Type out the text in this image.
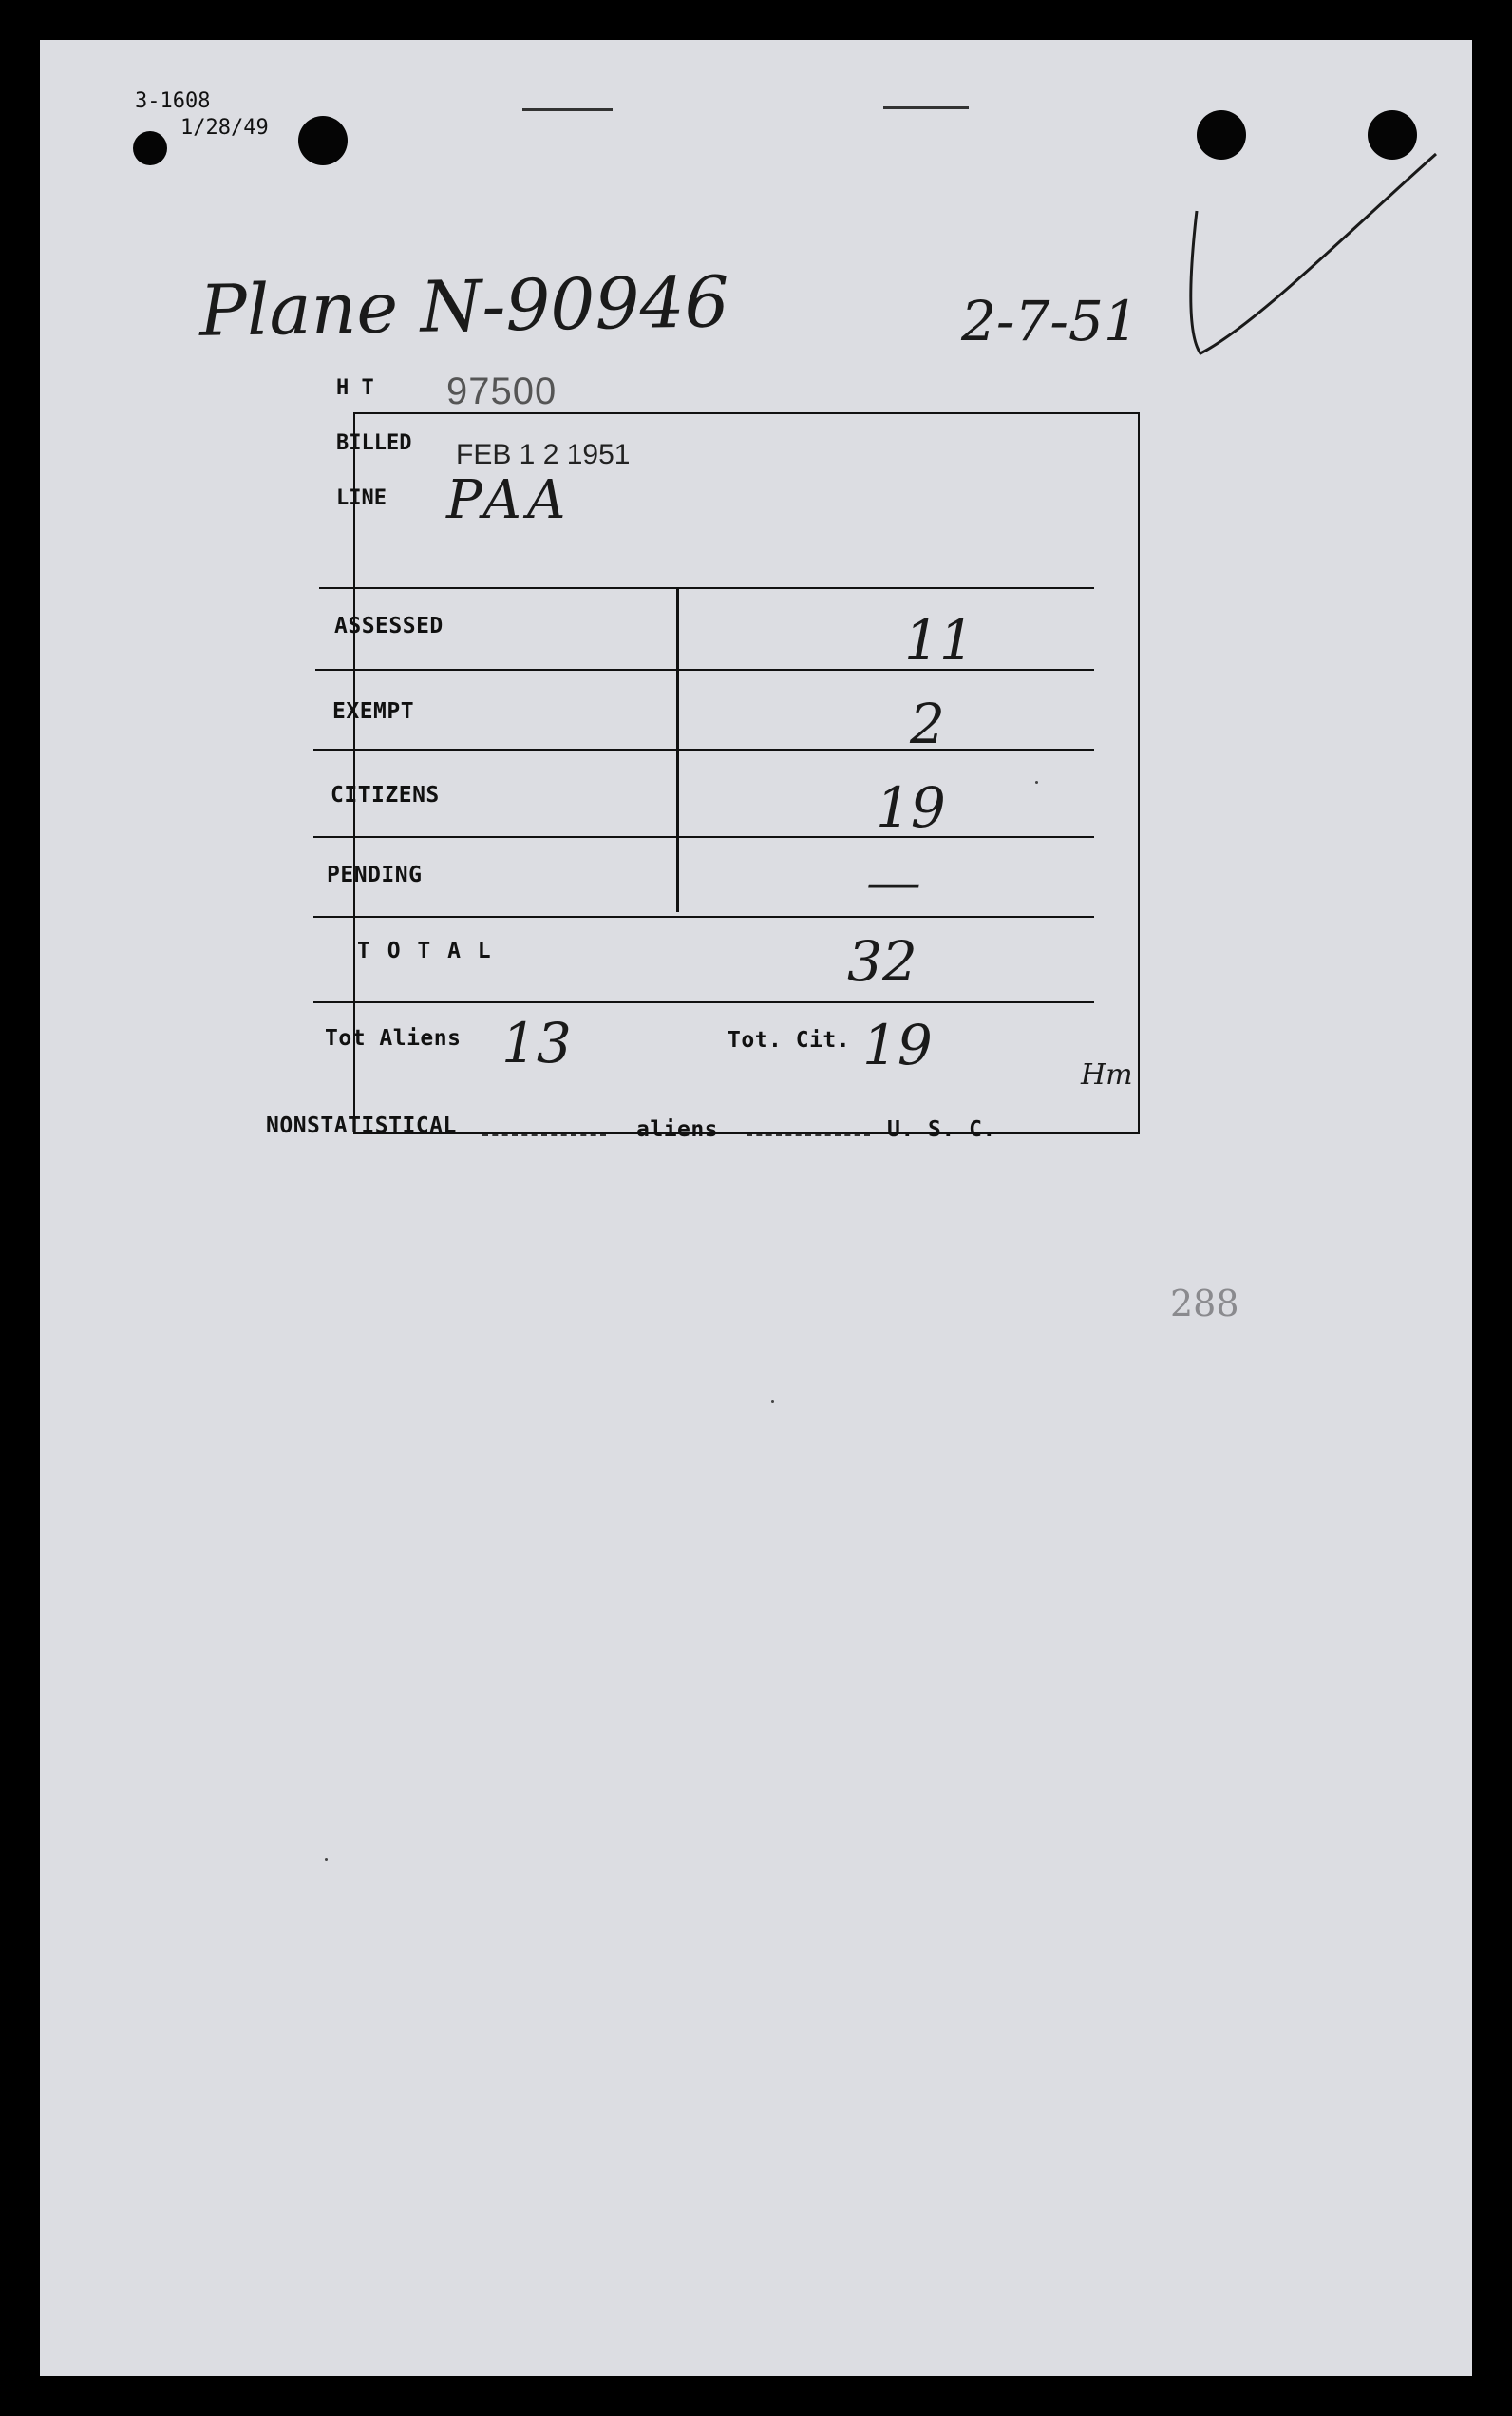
3-1608
1/28/49
Plane N-90946	2-7-51
H T 97500
BILLED FEB 1 2 1951
LINE PAA
ASSESSED	11
EXEMPT	2
CITIZENS	19
PENDING	—
T O T A L	32
Tot Aliens 13	Tot. Cit. 19	Hm
NONSTATISTICAL	aliens	U. S. C.
288
